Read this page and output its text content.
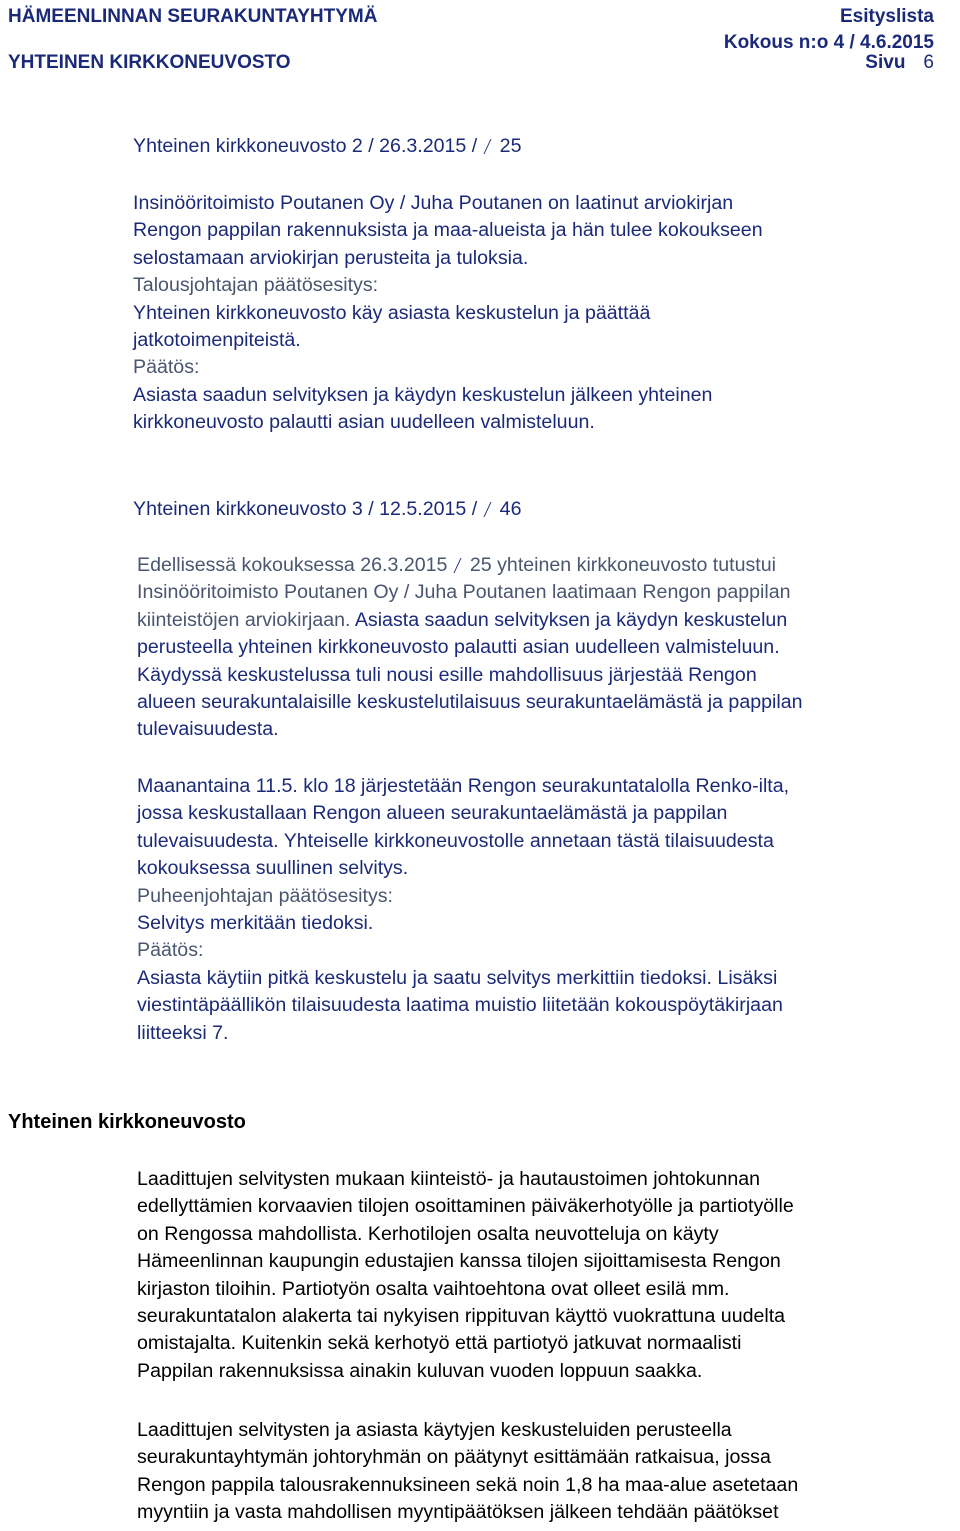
HÄMEENLINNAN SEURAKUNTAYHTYMÄ	Esityslista
Kokous n:o 4 / 4.6.2015
YHTEINEN KIRKKONEUVOSTO	Sivu 6
Yhteinen kirkkoneuvosto 2 / 26.3.2015 / 25
Insinööritoimisto Poutanen Oy / Juha Poutanen on laatinut arviokirjan
Rengon pappilan rakennuksista ja maa-alueista ja hän tulee kokoukseen
selostamaan arviokirjan perusteita ja tuloksia.
Talousjohtajan päätösesitys:
Yhteinen kirkkoneuvosto käy asiasta keskustelun ja päättää
jatkotoimenpiteistä.
Päätös:
Asiasta saadun selvityksen ja käydyn keskustelun jälkeen yhteinen
kirkkoneuvosto palautti asian uudelleen valmisteluun.
Yhteinen kirkkoneuvosto 3 / 12.5.2015 / 46
Edellisessä kokouksessa 26.3.2015 25 yhteinen kirkkoneuvosto tutustui
Insinööritoimisto Poutanen Oy / Juha Poutanen laatimaan Rengon pappilan
kiinteistöjen arviokirjaan. Asiasta saadun selvityksen ja käydyn keskustelun
perusteella yhteinen kirkkoneuvosto palautti asian uudelleen valmisteluun.
Käydyssä keskustelussa tuli nousi esille mahdollisuus järjestää Rengon
alueen seurakuntalaisille keskustelutilaisuus seurakuntaelämästä ja pappilan
tulevaisuudesta.
Maanantaina 11.5. klo 18 järjestetään Rengon seurakuntatalolla Renko-ilta,
jossa keskustallaan Rengon alueen seurakuntaelämästä ja pappilan
tulevaisuudesta. Yhteiselle kirkkoneuvostolle annetaan tästä tilaisuudesta
kokouksessa suullinen selvitys.
Puheenjohtajan päätösesitys:
Selvitys merkitään tiedoksi.
Päätös:
Asiasta käytiin pitkä keskustelu ja saatu selvitys merkittiin tiedoksi. Lisäksi
viestintäpäällikön tilaisuudesta laatima muistio liitetään kokouspöytäkirjaan
liitteeksi 7.
Yhteinen kirkkoneuvosto
Laadittujen selvitysten mukaan kiinteistö- ja hautaustoimen johtokunnan
edellyttämien korvaavien tilojen osoittaminen päiväkerhotyölle ja partiotyölle
on Rengossa mahdollista. Kerhotilojen osalta neuvotteluja on käyty
Hämeenlinnan kaupungin edustajien kanssa tilojen sijoittamisesta Rengon
kirjaston tiloihin. Partiotyön osalta vaihtoehtona ovat olleet esilä mm.
seurakuntatalon alakerta tai nykyisen rippituvan käyttö vuokrattuna uudelta
omistajalta. Kuitenkin sekä kerhotyö että partiotyö jatkuvat normaalisti
Pappilan rakennuksissa ainakin kuluvan vuoden loppuun saakka.
Laadittujen selvitysten ja asiasta käytyjen keskusteluiden perusteella
seurakuntayhtymän johtoryhmän on päätynyt esittämään ratkaisua, jossa
Rengon pappila talousrakennuksineen sekä noin 1,8 ha maa-alue asetetaan
myyntiin ja vasta mahdollisen myyntipäätöksen jälkeen tehdään päätökset
